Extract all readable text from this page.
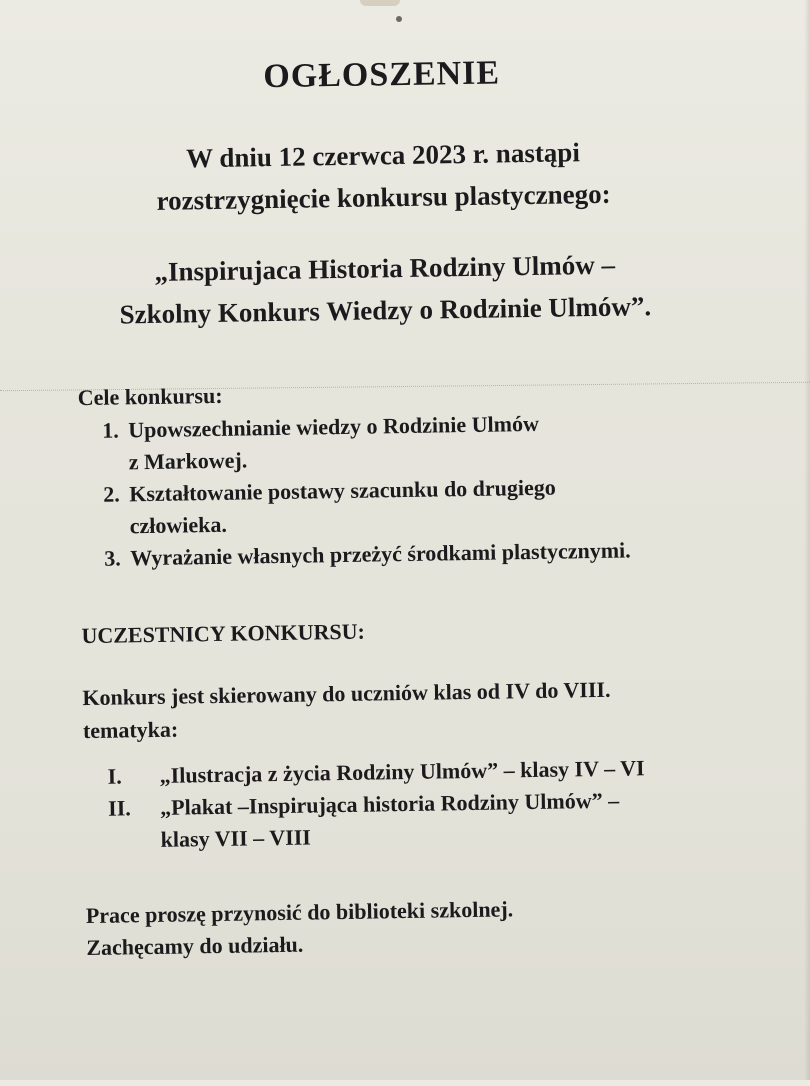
OGŁOSZENIE
W dniu 12 czerwca 2023 r. nastąpi
rozstrzygnięcie konkursu plastycznego:
„Inspirujaca Historia Rodziny Ulmów –
Szkolny Konkurs Wiedzy o Rodzinie Ulmów”.
Cele konkursu:
1. Upowszechnianie wiedzy o Rodzinie Ulmów
z Markowej.
2. Kształtowanie postawy szacunku do drugiego
człowieka.
3. Wyrażanie własnych przeżyć środkami plastycznymi.
UCZESTNICY KONKURSU:
Konkurs jest skierowany do uczniów klas od IV do VIII.
tematyka:
I. „Ilustracja z życia Rodziny Ulmów” – klasy IV – VI
II. „Plakat –Inspirująca historia Rodziny Ulmów” –
klasy VII – VIII
Prace proszę przynosić do biblioteki szkolnej.
Zachęcamy do udziału.
